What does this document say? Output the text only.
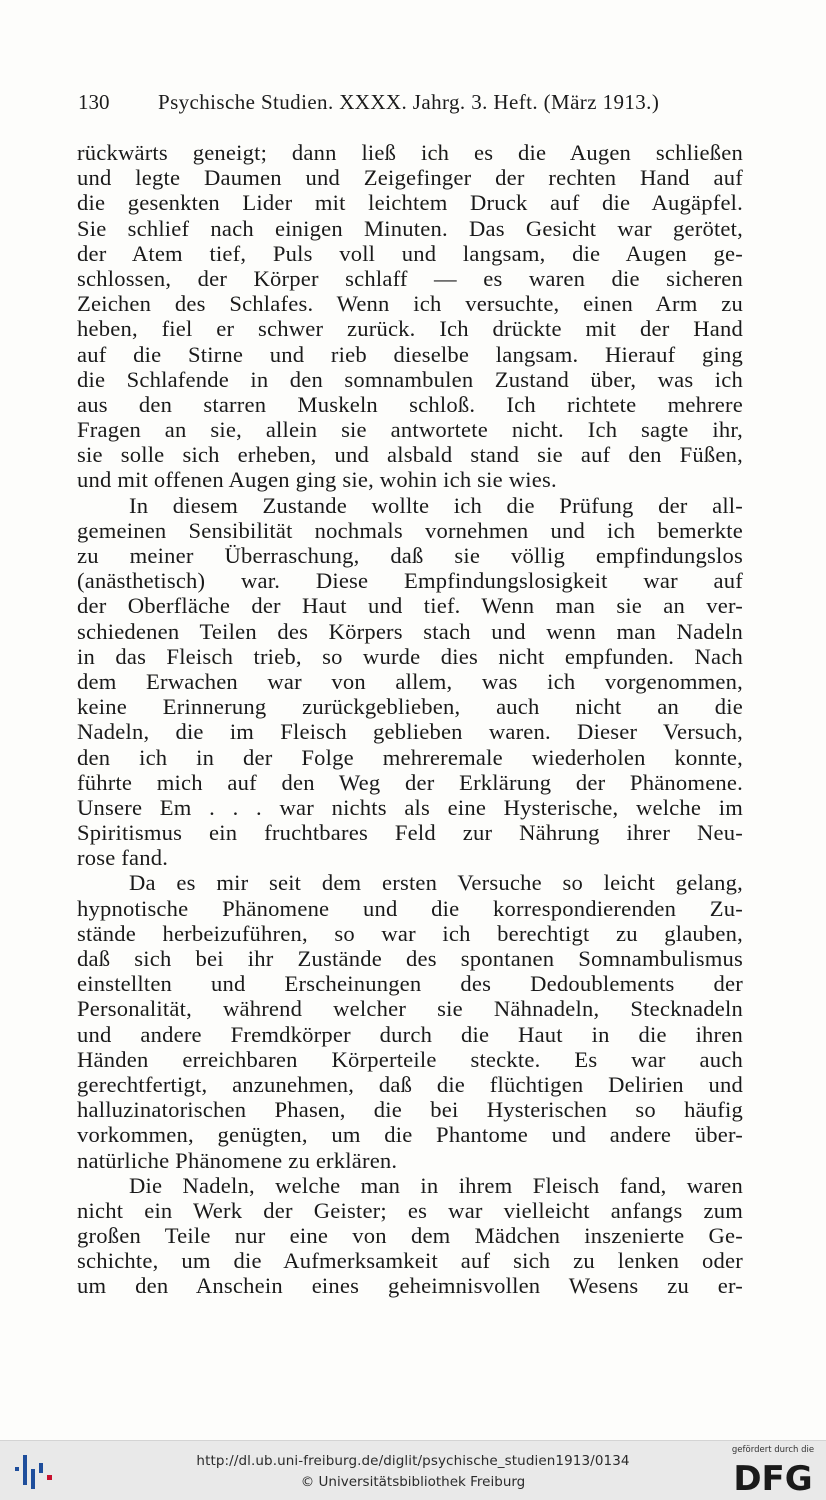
130 Psychische Studien. XXXX. Jahrg. 3. Heft. (März 1913.)
rückwärts geneigt; dann ließ ich es die Augen schließen
und legte Daumen und Zeigefinger der rechten Hand auf
die gesenkten Lider mit leichtem Druck auf die Augäpfel.
Sie schlief nach einigen Minuten. Das Gesicht war gerötet,
der Atem tief, Puls voll und langsam, die Augen ge-
schlossen, der Körper schlaff — es waren die sicheren
Zeichen des Schlafes. Wenn ich versuchte, einen Arm zu
heben, fiel er schwer zurück. Ich drückte mit der Hand
auf die Stirne und rieb dieselbe langsam. Hierauf ging
die Schlafende in den somnambulen Zustand über, was ich
aus den starren Muskeln schloß. Ich richtete mehrere
Fragen an sie, allein sie antwortete nicht. Ich sagte ihr,
sie solle sich erheben, und alsbald stand sie auf den Füßen,
und mit offenen Augen ging sie, wohin ich sie wies.
In diesem Zustande wollte ich die Prüfung der all-
gemeinen Sensibilität nochmals vornehmen und ich bemerkte
zu meiner Überraschung, daß sie völlig empfindungslos
(anästhetisch) war. Diese Empfindungslosigkeit war auf
der Oberfläche der Haut und tief. Wenn man sie an ver-
schiedenen Teilen des Körpers stach und wenn man Nadeln
in das Fleisch trieb, so wurde dies nicht empfunden. Nach
dem Erwachen war von allem, was ich vorgenommen,
keine Erinnerung zurückgeblieben, auch nicht an die
Nadeln, die im Fleisch geblieben waren. Dieser Versuch,
den ich in der Folge mehreremale wiederholen konnte,
führte mich auf den Weg der Erklärung der Phänomene.
Unsere Em . . . war nichts als eine Hysterische, welche im
Spiritismus ein fruchtbares Feld zur Nährung ihrer Neu-
rose fand.
Da es mir seit dem ersten Versuche so leicht gelang,
hypnotische Phänomene und die korrespondierenden Zu-
stände herbeizuführen, so war ich berechtigt zu glauben,
daß sich bei ihr Zustände des spontanen Somnambulismus
einstellten und Erscheinungen des Dedoublements der
Personalität, während welcher sie Nähnadeln, Stecknadeln
und andere Fremdkörper durch die Haut in die ihren
Händen erreichbaren Körperteile steckte. Es war auch
gerechtfertigt, anzunehmen, daß die flüchtigen Delirien und
halluzinatorischen Phasen, die bei Hysterischen so häufig
vorkommen, genügten, um die Phantome und andere über-
natürliche Phänomene zu erklären.
Die Nadeln, welche man in ihrem Fleisch fand, waren
nicht ein Werk der Geister; es war vielleicht anfangs zum
großen Teile nur eine von dem Mädchen inszenierte Ge-
schichte, um die Aufmerksamkeit auf sich zu lenken oder
um den Anschein eines geheimnisvollen Wesens zu er-
http://dl.ub.uni-freiburg.de/diglit/psychische_studien1913/0134
© Universitätsbibliothek Freiburg
gefördert durch die
DFG
